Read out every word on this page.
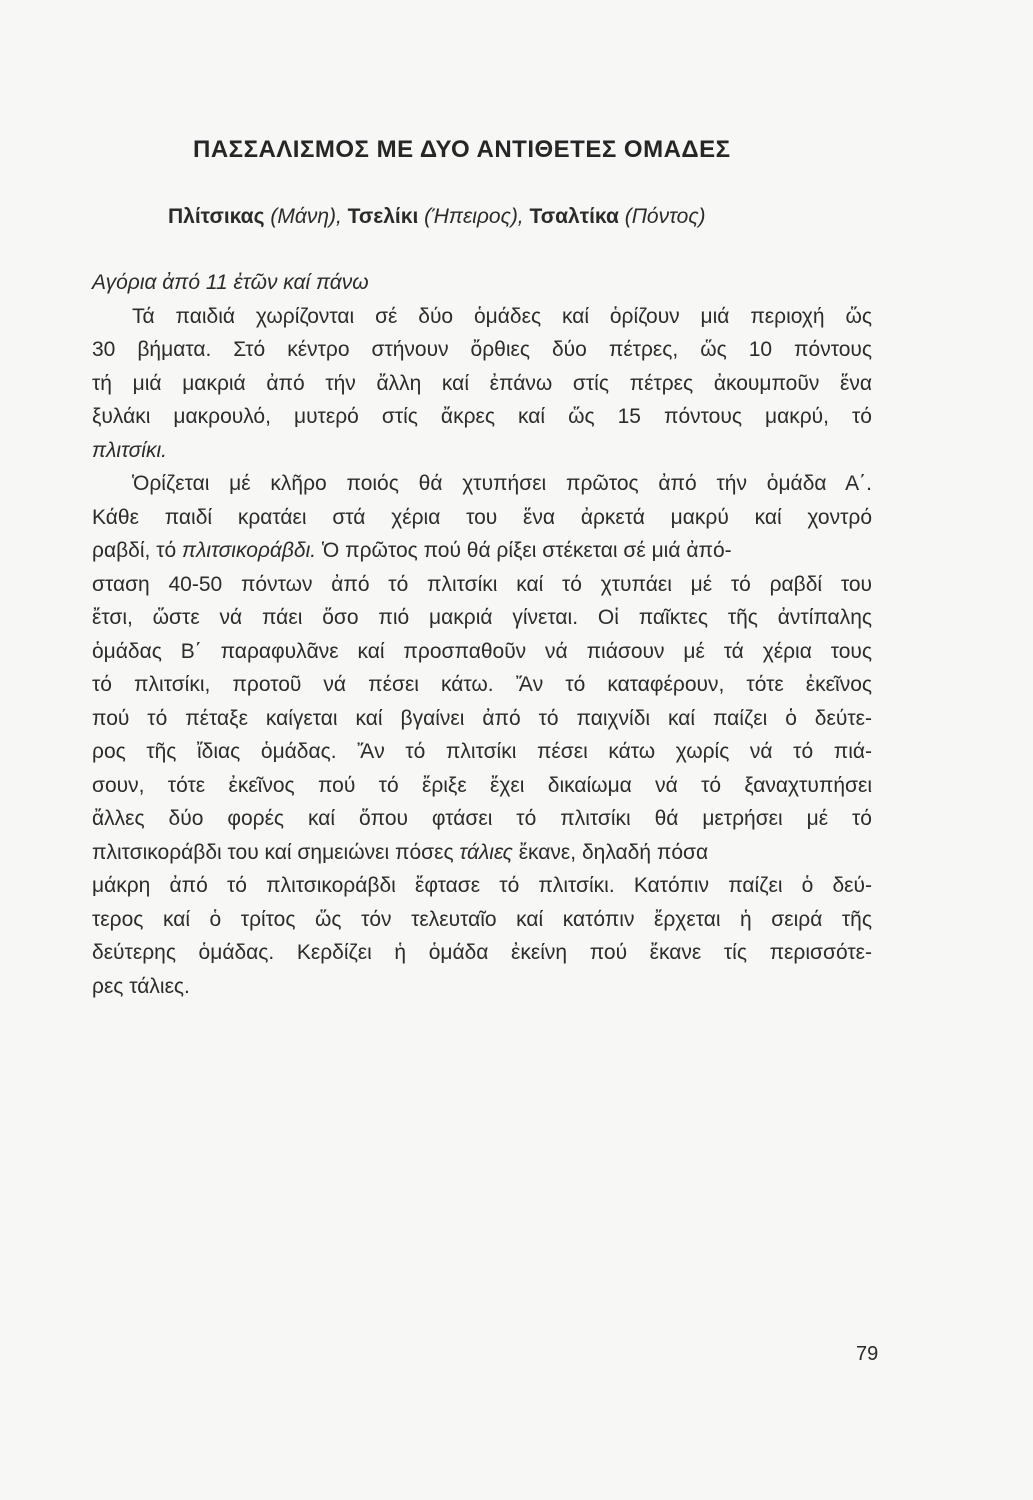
ΠΑΣΣΑΛΙΣΜΟΣ ΜΕ ΔΥΟ ΑΝΤΙΘΕΤΕΣ ΟΜΑΔΕΣ
Πλίτσικας (Μάνη), Τσελίκι (Ήπειρος), Τσαλτίκα (Πόντος)
Αγόρια ἀπό 11 ἐτῶν καί πάνω
Τά παιδιά χωρίζονται σέ δύο ὁμάδες καί ὁρίζουν μιά περιοχή ὥς
30 βήματα. Στό κέντρο στήνουν ὄρθιες δύο πέτρες, ὥς 10 πόντους
τή μιά μακριά ἀπό τήν ἄλλη καί ἐπάνω στίς πέτρες ἀκουμποῦν ἕνα
ξυλάκι μακρουλό, μυτερό στίς ἄκρες καί ὥς 15 πόντους μακρύ, τό
πλιτσίκι.
Ὁρίζεται μέ κλῆρο ποιός θά χτυπήσει πρῶτος ἀπό τήν ὁμάδα Α΄.
Κάθε παιδί κρατάει στά χέρια του ἕνα ἀρκετά μακρύ καί χοντρό
ραβδί, τό πλιτσικοράβδι. Ὁ πρῶτος πού θά ρίξει στέκεται σέ μιά ἀπό-
σταση 40-50 πόντων ἀπό τό πλιτσίκι καί τό χτυπάει μέ τό ραβδί του
ἔτσι, ὥστε νά πάει ὅσο πιό μακριά γίνεται. Οἱ παῖκτες τῆς ἀντίπαλης
ὁμάδας Β΄ παραφυλᾶνε καί προσπαθοῦν νά πιάσουν μέ τά χέρια τους
τό πλιτσίκι, προτοῦ νά πέσει κάτω. Ἄν τό καταφέρουν, τότε ἐκεῖνος
πού τό πέταξε καίγεται καί βγαίνει ἀπό τό παιχνίδι καί παίζει ὁ δεύτε-
ρος τῆς ἴδιας ὁμάδας. Ἄν τό πλιτσίκι πέσει κάτω χωρίς νά τό πιά-
σουν, τότε ἐκεῖνος πού τό ἔριξε ἔχει δικαίωμα νά τό ξαναχτυπήσει
ἄλλες δύο φορές καί ὅπου φτάσει τό πλιτσίκι θά μετρήσει μέ τό
πλιτσικοράβδι του καί σημειώνει πόσες τάλιες ἔκανε, δηλαδή πόσα
μάκρη ἀπό τό πλιτσικοράβδι ἔφτασε τό πλιτσίκι. Κατόπιν παίζει ὁ δεύ-
τερος καί ὁ τρίτος ὥς τόν τελευταῖο καί κατόπιν ἔρχεται ἡ σειρά τῆς
δεύτερης ὁμάδας. Κερδίζει ἡ ὁμάδα ἐκείνη πού ἔκανε τίς περισσότε-
ρες τάλιες.
79
